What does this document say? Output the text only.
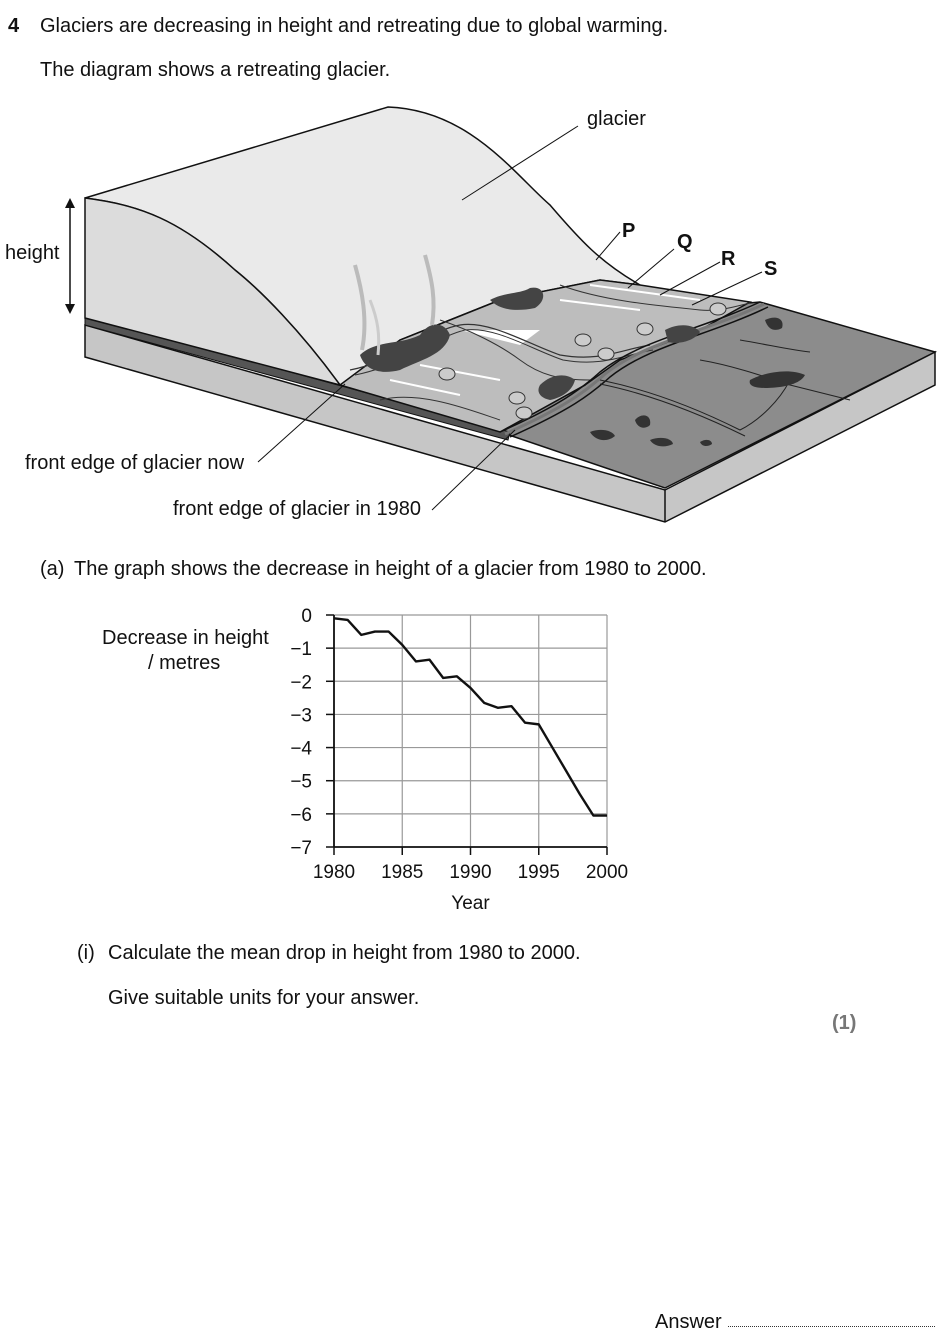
4 Glaciers are decreasing in height and retreating due to global warming.
The diagram shows a retreating glacier.
glacier
height
P Q
R S
front edge of glacier now
front edge of glacier in 1980
(a) The graph shows the decrease in height of a glacier from 1980 to 2000.
Decrease in height
/ metres
0
−1
−2
−3
−4
−5
−6
−7
1980 1985 1990 1995 2000
Year
(i) Calculate the mean drop in height from 1980 to 2000.
Give suitable units for your answer.
(1)
Answer
